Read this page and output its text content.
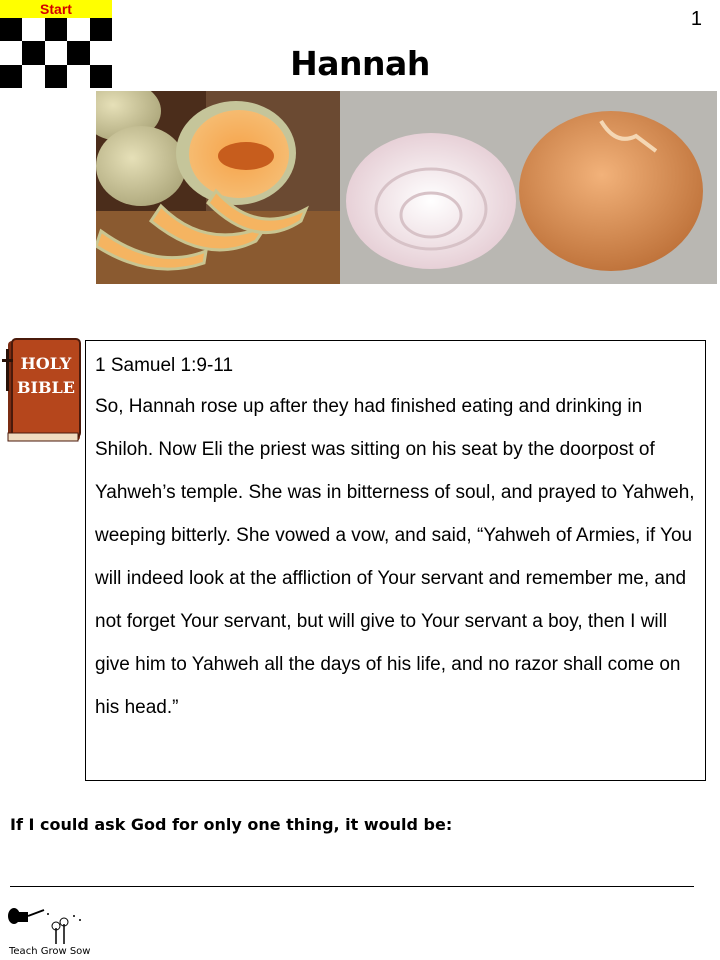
Start	1
Hannah
HOLY
BIBLE
1 Samuel 1:9-11

So, Hannah rose up after they had finished eating and drinking in Shiloh. Now Eli the priest was sitting on his seat by the doorpost of Yahweh’s temple. She was in bitterness of soul, and prayed to Yahweh, weeping bitterly. She vowed a vow, and said, “Yahweh of Armies, if You will indeed look at the affliction of Your servant and remember me, and not forget Your servant, but will give to Your servant a boy, then I will give him to Yahweh all the days of his life, and no razor shall come on his head.”

If I could ask God for only one thing, it would be:
Teach Grow Sow
